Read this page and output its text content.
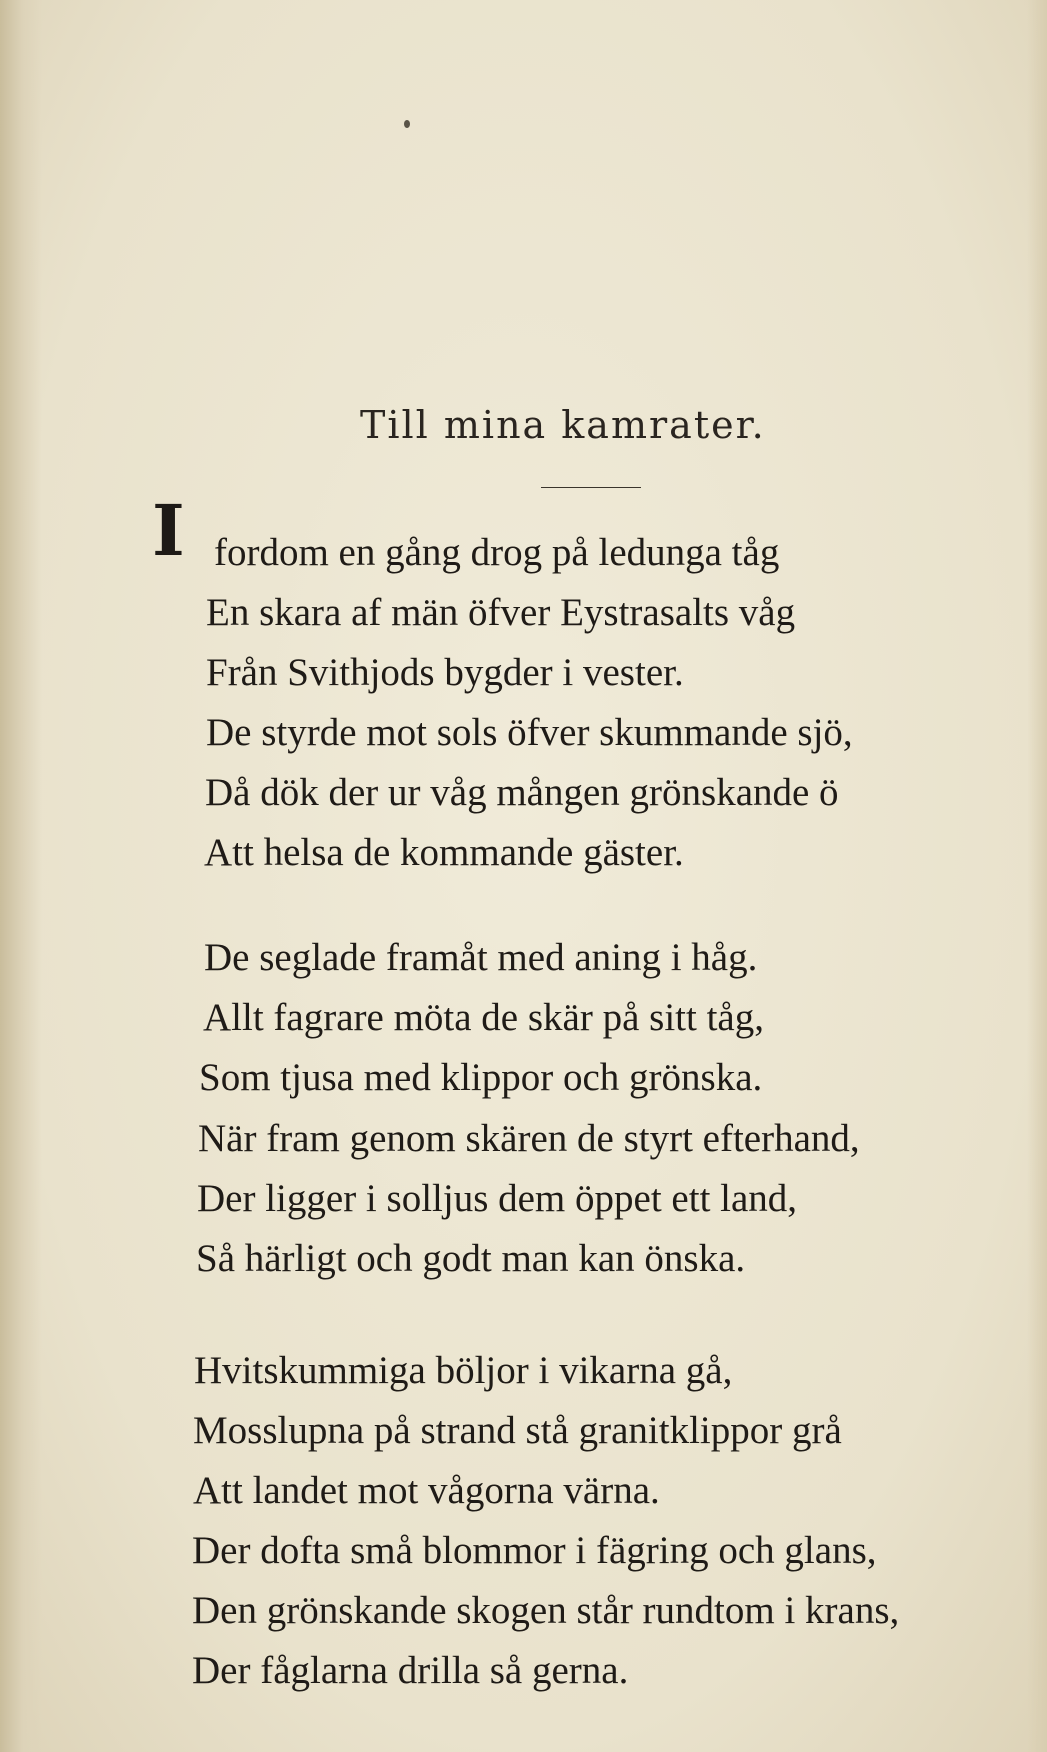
Till mina kamrater.
I fordom en gång drog på ledunga tåg
En skara af män öfver Eystrasalts våg
Från Svithjods bygder i vester.
De styrde mot sols öfver skummande sjö,
Då dök der ur våg mången grönskande ö
Att helsa de kommande gäster.
De seglade framåt med aning i håg.
Allt fagrare möta de skär på sitt tåg,
Som tjusa med klippor och grönska.
När fram genom skären de styrt efterhand,
Der ligger i solljus dem öppet ett land,
Så härligt och godt man kan önska.
Hvitskummiga böljor i vikarna gå,
Mosslupna på strand stå granitklippor grå
Att landet mot vågorna värna.
Der dofta små blommor i fägring och glans,
Den grönskande skogen står rundtom i krans,
Der fåglarna drilla så gerna.
